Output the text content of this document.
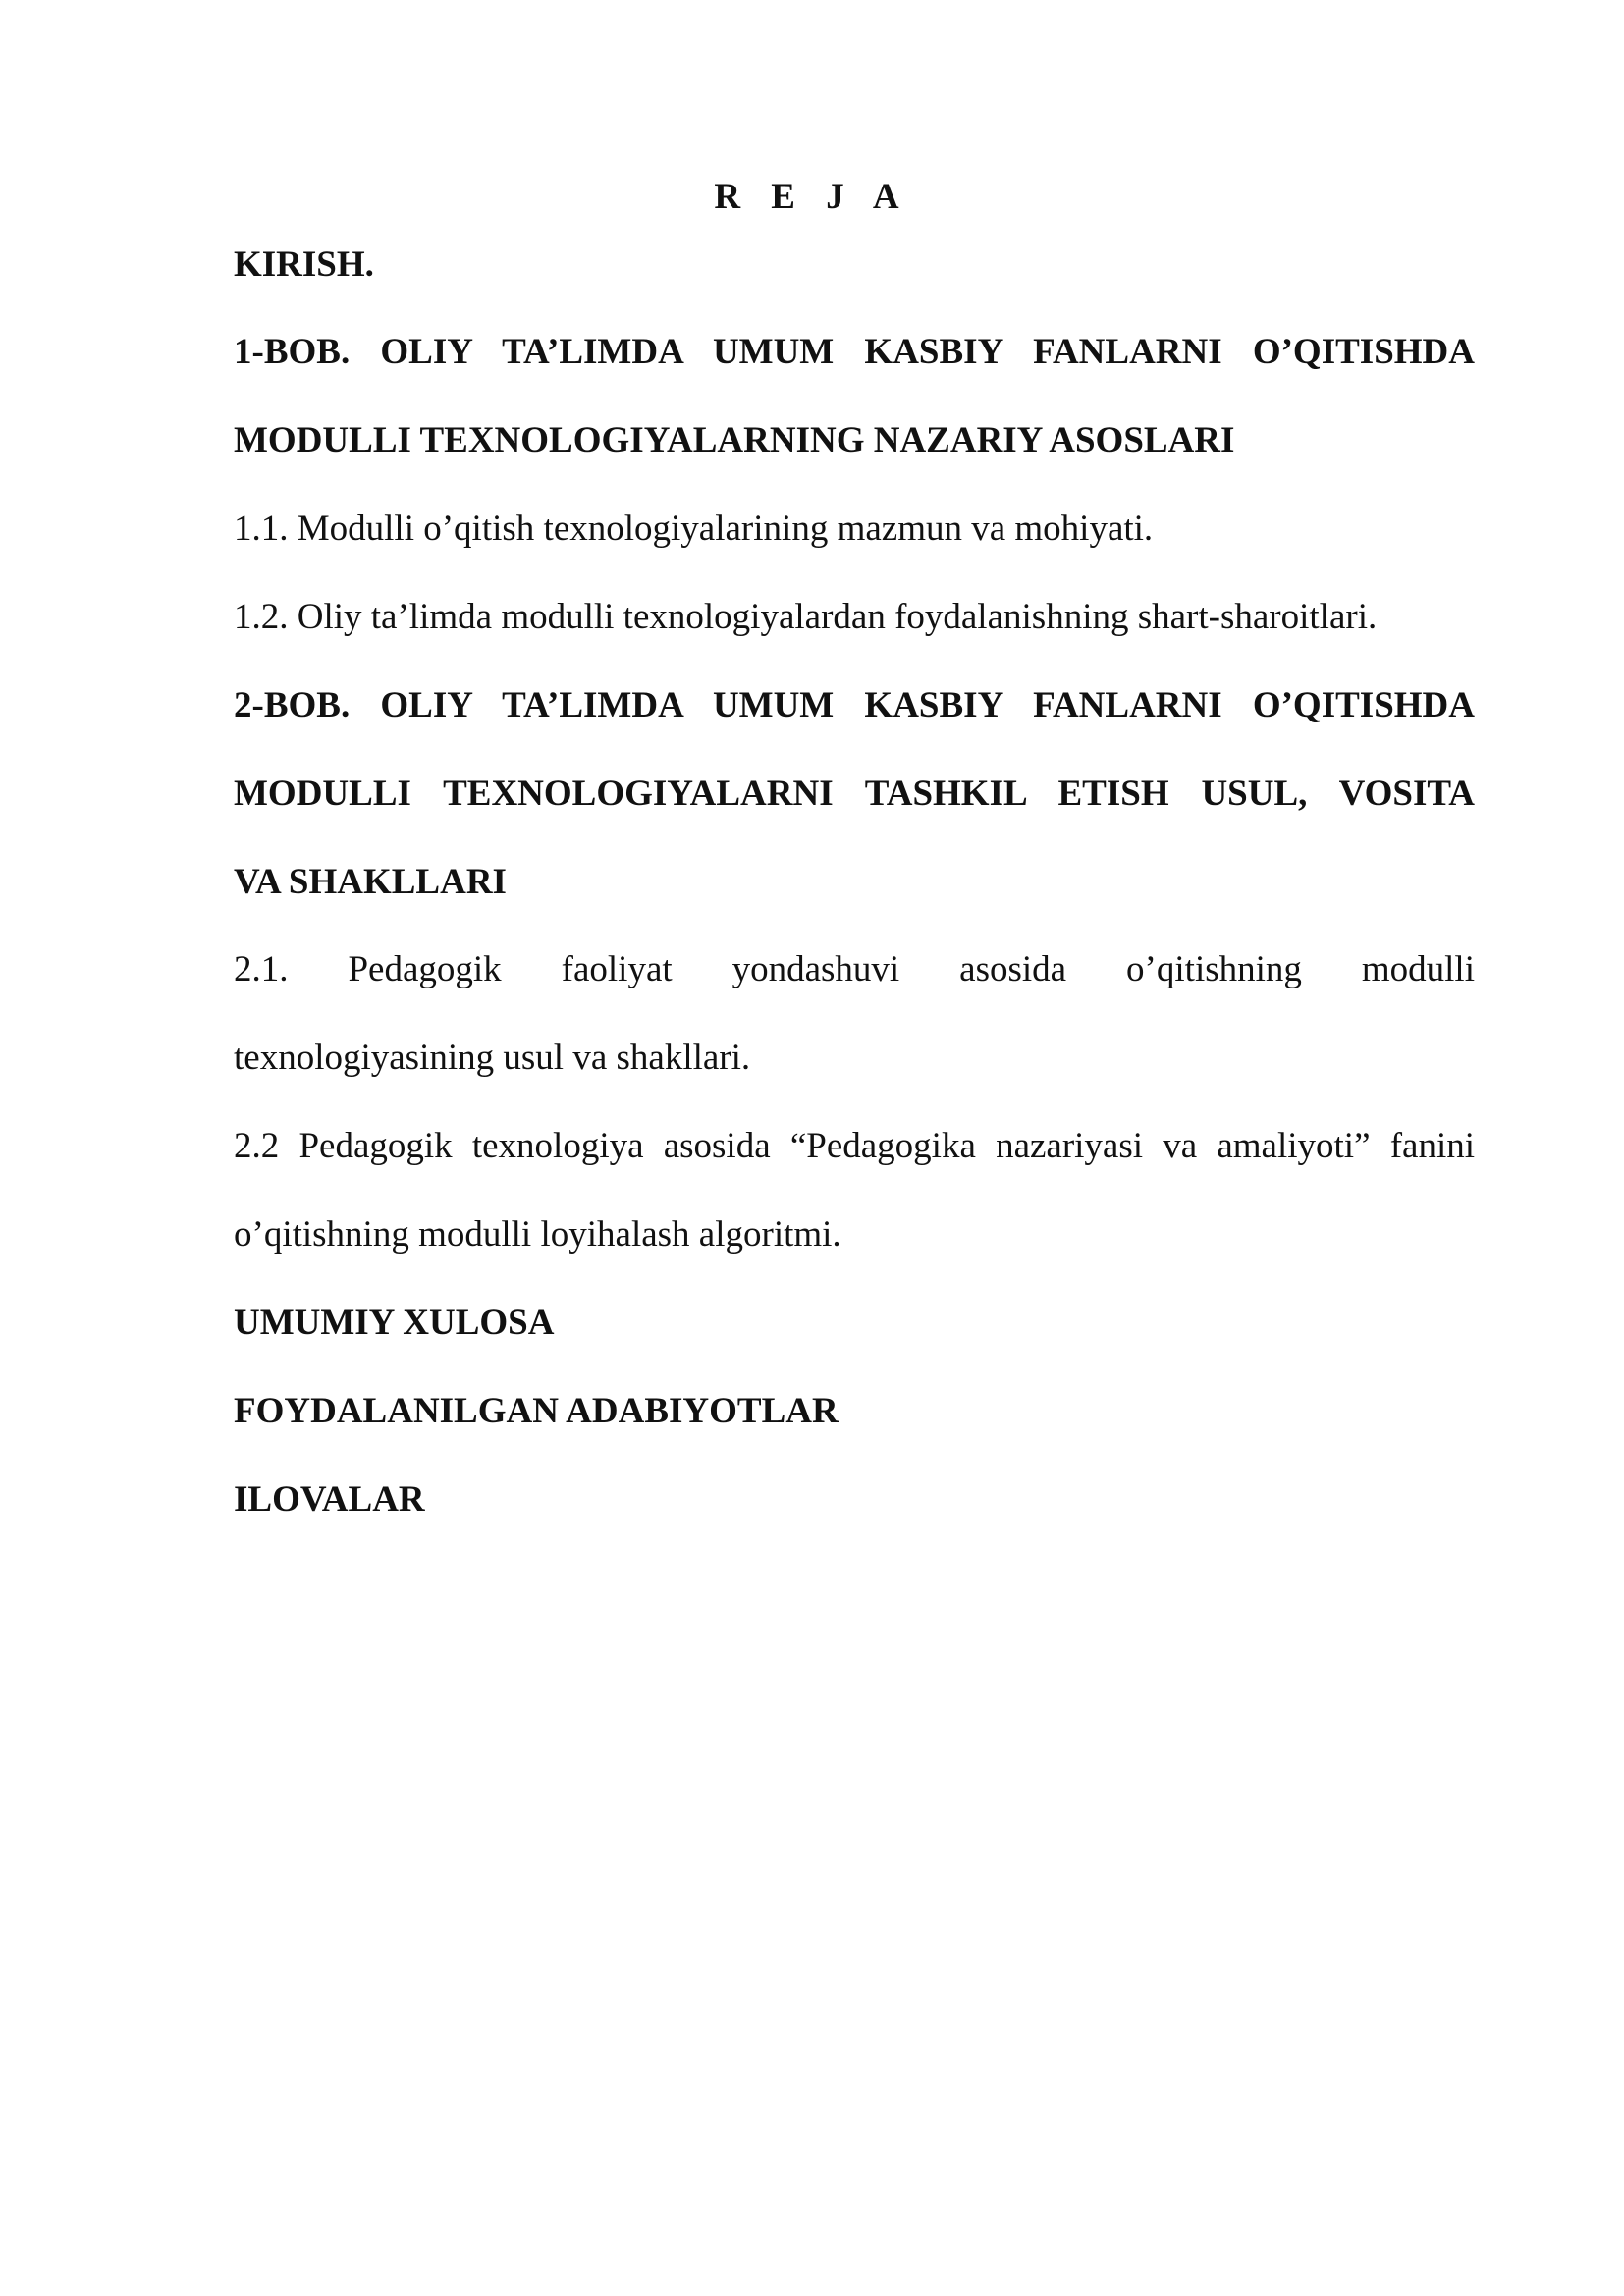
R E J A
KIRISH.
1-BOB. OLIY TA’LIMDA UMUM KASBIY FANLARNI O’QITISHDA
MODULLI TEXNOLOGIYALARNING NAZARIY ASOSLARI
1.1. Modulli o’qitish texnologiyalarining mazmun va mohiyati.
1.2. Oliy ta’limda modulli texnologiyalardan foydalanishning shart-sharoitlari.
2-BOB. OLIY TA’LIMDA UMUM KASBIY FANLARNI O’QITISHDA
MODULLI TEXNOLOGIYALARNI TASHKIL ETISH USUL, VOSITA
VA SHAKLLARI
2.1. Pedagogik faoliyat yondashuvi asosida o’qitishning modulli
texnologiyasining usul va shakllari.
2.2 Pedagogik texnologiya asosida “Pedagogika nazariyasi va amaliyoti” fanini
o’qitishning modulli loyihalash algoritmi.
UMUMIY XULOSA
FOYDALANILGAN ADABIYOTLAR
ILOVALAR
